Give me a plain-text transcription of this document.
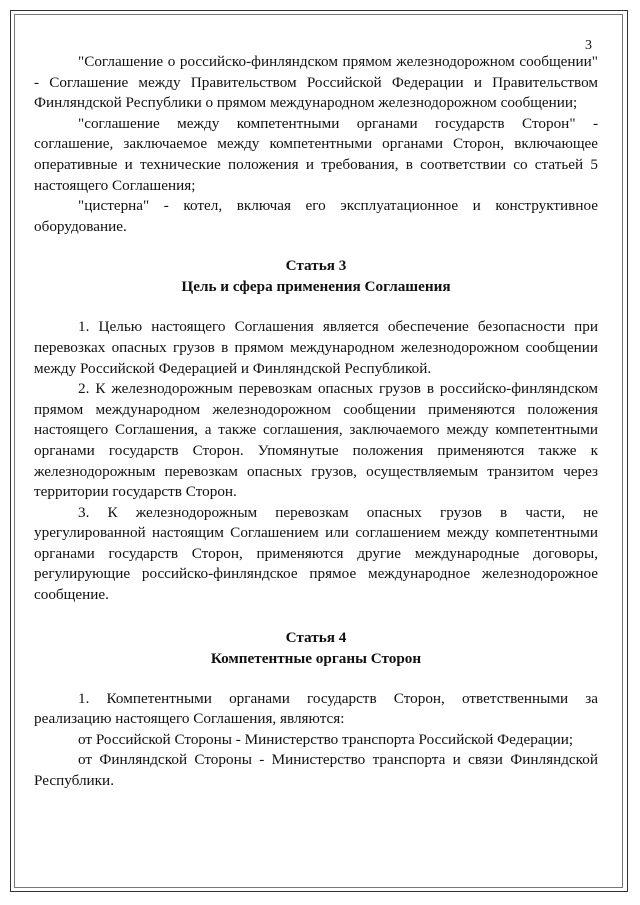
3

"Соглашение о российско-финляндском прямом железнодорожном сообщении" - Соглашение между Правительством Российской Федерации и Правительством Финляндской Республики о прямом международном железнодорожном сообщении;

"соглашение между компетентными органами государств Сторон" - соглашение, заключаемое между компетентными органами Сторон, включающее оперативные и технические положения и требования, в соответствии со статьей 5 настоящего Соглашения;

"цистерна" - котел, включая его эксплуатационное и конструктивное оборудование.

Статья 3
Цель и сфера применения Соглашения

1. Целью настоящего Соглашения является обеспечение безопасности при перевозках опасных грузов в прямом международном железнодорожном сообщении между Российской Федерацией и Финляндской Республикой.

2. К железнодорожным перевозкам опасных грузов в российско-финляндском прямом международном железнодорожном сообщении применяются положения настоящего Соглашения, а также соглашения, заключаемого между компетентными органами государств Сторон. Упомянутые положения применяются также к железнодорожным перевозкам опасных грузов, осуществляемым транзитом через территории государств Сторон.

3. К железнодорожным перевозкам опасных грузов в части, не урегулированной настоящим Соглашением или соглашением между компетентными органами государств Сторон, применяются другие международные договоры, регулирующие российско-финляндское прямое международное железнодорожное сообщение.

Статья 4
Компетентные органы Сторон

1. Компетентными органами государств Сторон, ответственными за реализацию настоящего Соглашения, являются:

от Российской Стороны - Министерство транспорта Российской Федерации;

от Финляндской Стороны - Министерство транспорта и связи Финляндской Республики.
